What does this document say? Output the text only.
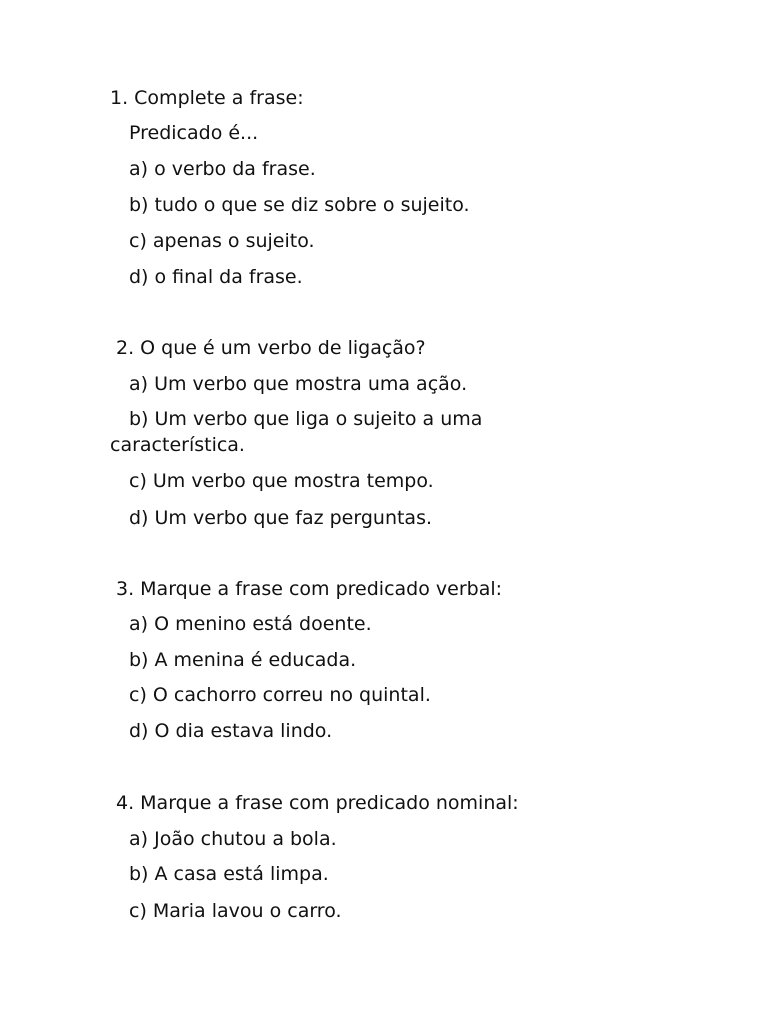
1. Complete a frase:
Predicado é...
a) o verbo da frase.
b) tudo o que se diz sobre o sujeito.
c) apenas o sujeito.
d) o final da frase.
2. O que é um verbo de ligação?
a) Um verbo que mostra uma ação.
b) Um verbo que liga o sujeito a uma
característica.
c) Um verbo que mostra tempo.
d) Um verbo que faz perguntas.
3. Marque a frase com predicado verbal:
a) O menino está doente.
b) A menina é educada.
c) O cachorro correu no quintal.
d) O dia estava lindo.
4. Marque a frase com predicado nominal:
a) João chutou a bola.
b) A casa está limpa.
c) Maria lavou o carro.
